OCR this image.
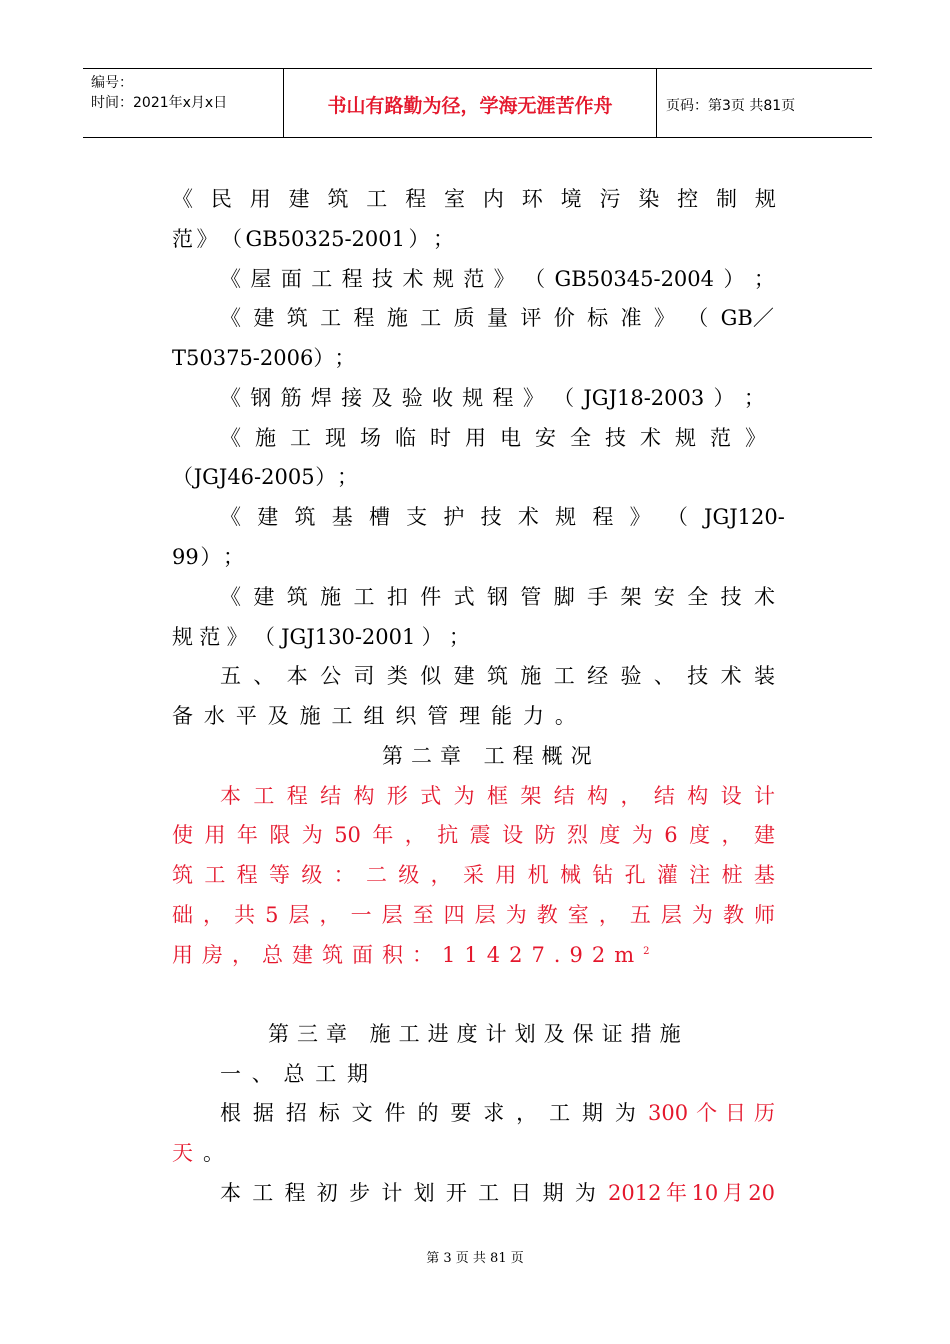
编号：
时间：2021年x月x日	书山有路勤为径，学海无涯苦作舟	页码：第3页 共81页
《 民 用 建 筑 工 程 室 内 环 境 污 染 控 制 规
范 》 （ GB50325-2001 ） ；
《 屋 面 工 程 技 术 规 范 》 （ GB50345-2004 ） ；
《 建 筑 工 程 施 工 质 量 评 价 标 准 》 （ GB／
T50375-2006 ） ；
《 钢 筋 焊 接 及 验 收 规 程 》 （ JGJ18-2003 ） ；
《 施 工 现 场 临 时 用 电 安 全 技 术 规 范 》
（ JGJ46-2005 ） ；
《 建 筑 基 槽 支 护 技 术 规 程 》 （ JGJ120-
99 ） ；
《 建 筑 施 工 扣 件 式 钢 管 脚 手 架 安 全 技 术
规 范 》 （ JGJ130-2001 ） ；
五 、 本 公 司 类 似 建 筑 施 工 经 验 、 技 术 装
备 水 平 及 施 工 组 织 管 理 能 力 。
第二章 工程概况
本 工 程 结 构 形 式 为 框 架 结 构 ， 结 构 设 计
使 用 年 限 为 50 年 ， 抗 震 设 防 烈 度 为 6 度 ， 建
筑 工 程 等 级 ： 二 级 ， 采 用 机 械 钻 孔 灌 注 桩 基
础 ， 共 5 层 ， 一 层 至 四 层 为 教 室 ， 五 层 为 教 师
用房，总建筑面积：$11427.92m^2$
第三章 施工进度计划及保证措施
一 、 总 工 期
根 据 招 标 文 件 的 要 求 ， 工 期 为 300 个 日 历
天 。
本 工 程 初 步 计 划 开 工 日 期 为 2012 年 10 月 20
第 3 页 共 81 页
